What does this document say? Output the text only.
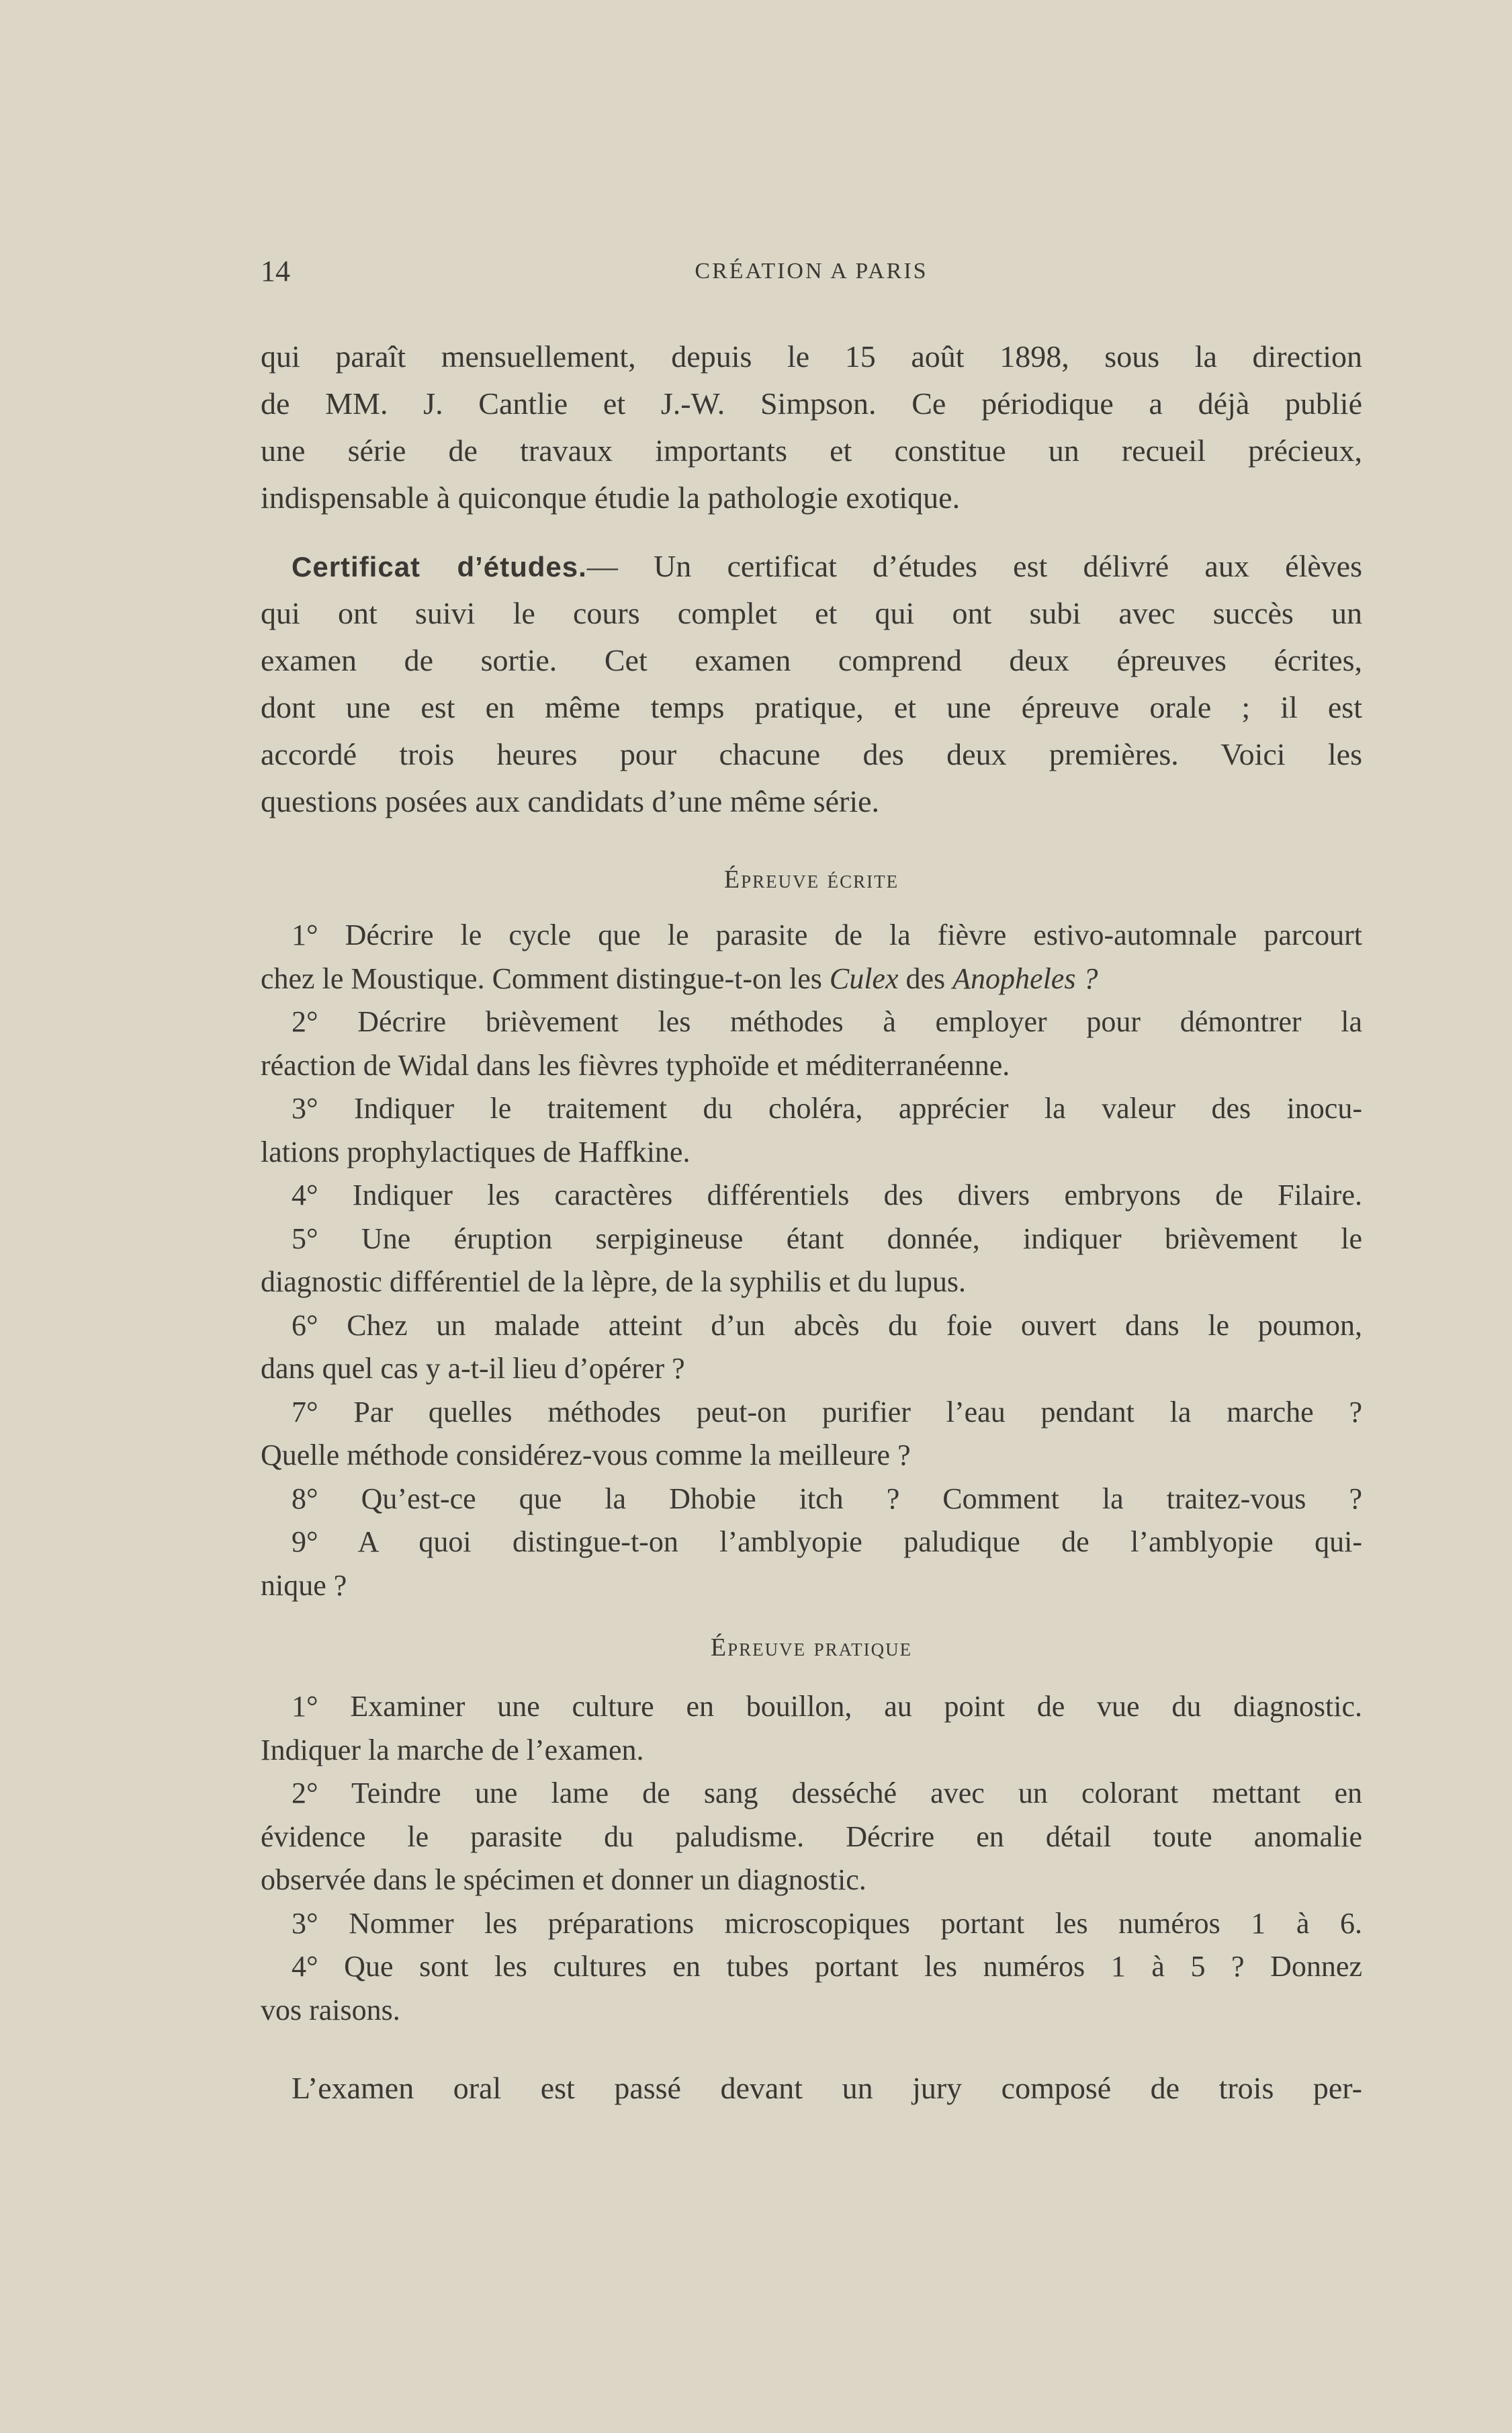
14	CRÉATION A PARIS
qui paraît mensuellement, depuis le 15 août 1898, sous la direction
de MM. J. Cantlie et J.-W. Simpson. Ce périodique a déjà publié
une série de travaux importants et constitue un recueil précieux,
indispensable à quiconque étudie la pathologie exotique.
Certificat d’études.— Un certificat d’études est délivré aux élèves
qui ont suivi le cours complet et qui ont subi avec succès un
examen de sortie. Cet examen comprend deux épreuves écrites,
dont une est en même temps pratique, et une épreuve orale ; il est
accordé trois heures pour chacune des deux premières. Voici les
questions posées aux candidats d’une même série.
Épreuve écrite
1° Décrire le cycle que le parasite de la fièvre estivo-automnale parcourt
chez le Moustique. Comment distingue-t-on les Culex des Anopheles ?
2° Décrire brièvement les méthodes à employer pour démontrer la
réaction de Widal dans les fièvres typhoïde et méditerranéenne.
3° Indiquer le traitement du choléra, apprécier la valeur des inocu-
lations prophylactiques de Haffkine.
4° Indiquer les caractères différentiels des divers embryons de Filaire.
5° Une éruption serpigineuse étant donnée, indiquer brièvement le
diagnostic différentiel de la lèpre, de la syphilis et du lupus.
6° Chez un malade atteint d’un abcès du foie ouvert dans le poumon,
dans quel cas y a-t-il lieu d’opérer ?
7° Par quelles méthodes peut-on purifier l’eau pendant la marche ?
Quelle méthode considérez-vous comme la meilleure ?
8° Qu’est-ce que la Dhobie itch ? Comment la traitez-vous ?
9° A quoi distingue-t-on l’amblyopie paludique de l’amblyopie qui-
nique ?
Épreuve pratique
1° Examiner une culture en bouillon, au point de vue du diagnostic.
Indiquer la marche de l’examen.
2° Teindre une lame de sang desséché avec un colorant mettant en
évidence le parasite du paludisme. Décrire en détail toute anomalie
observée dans le spécimen et donner un diagnostic.
3° Nommer les préparations microscopiques portant les numéros 1 à 6.
4° Que sont les cultures en tubes portant les numéros 1 à 5 ? Donnez
vos raisons.
L’examen oral est passé devant un jury composé de trois per-
